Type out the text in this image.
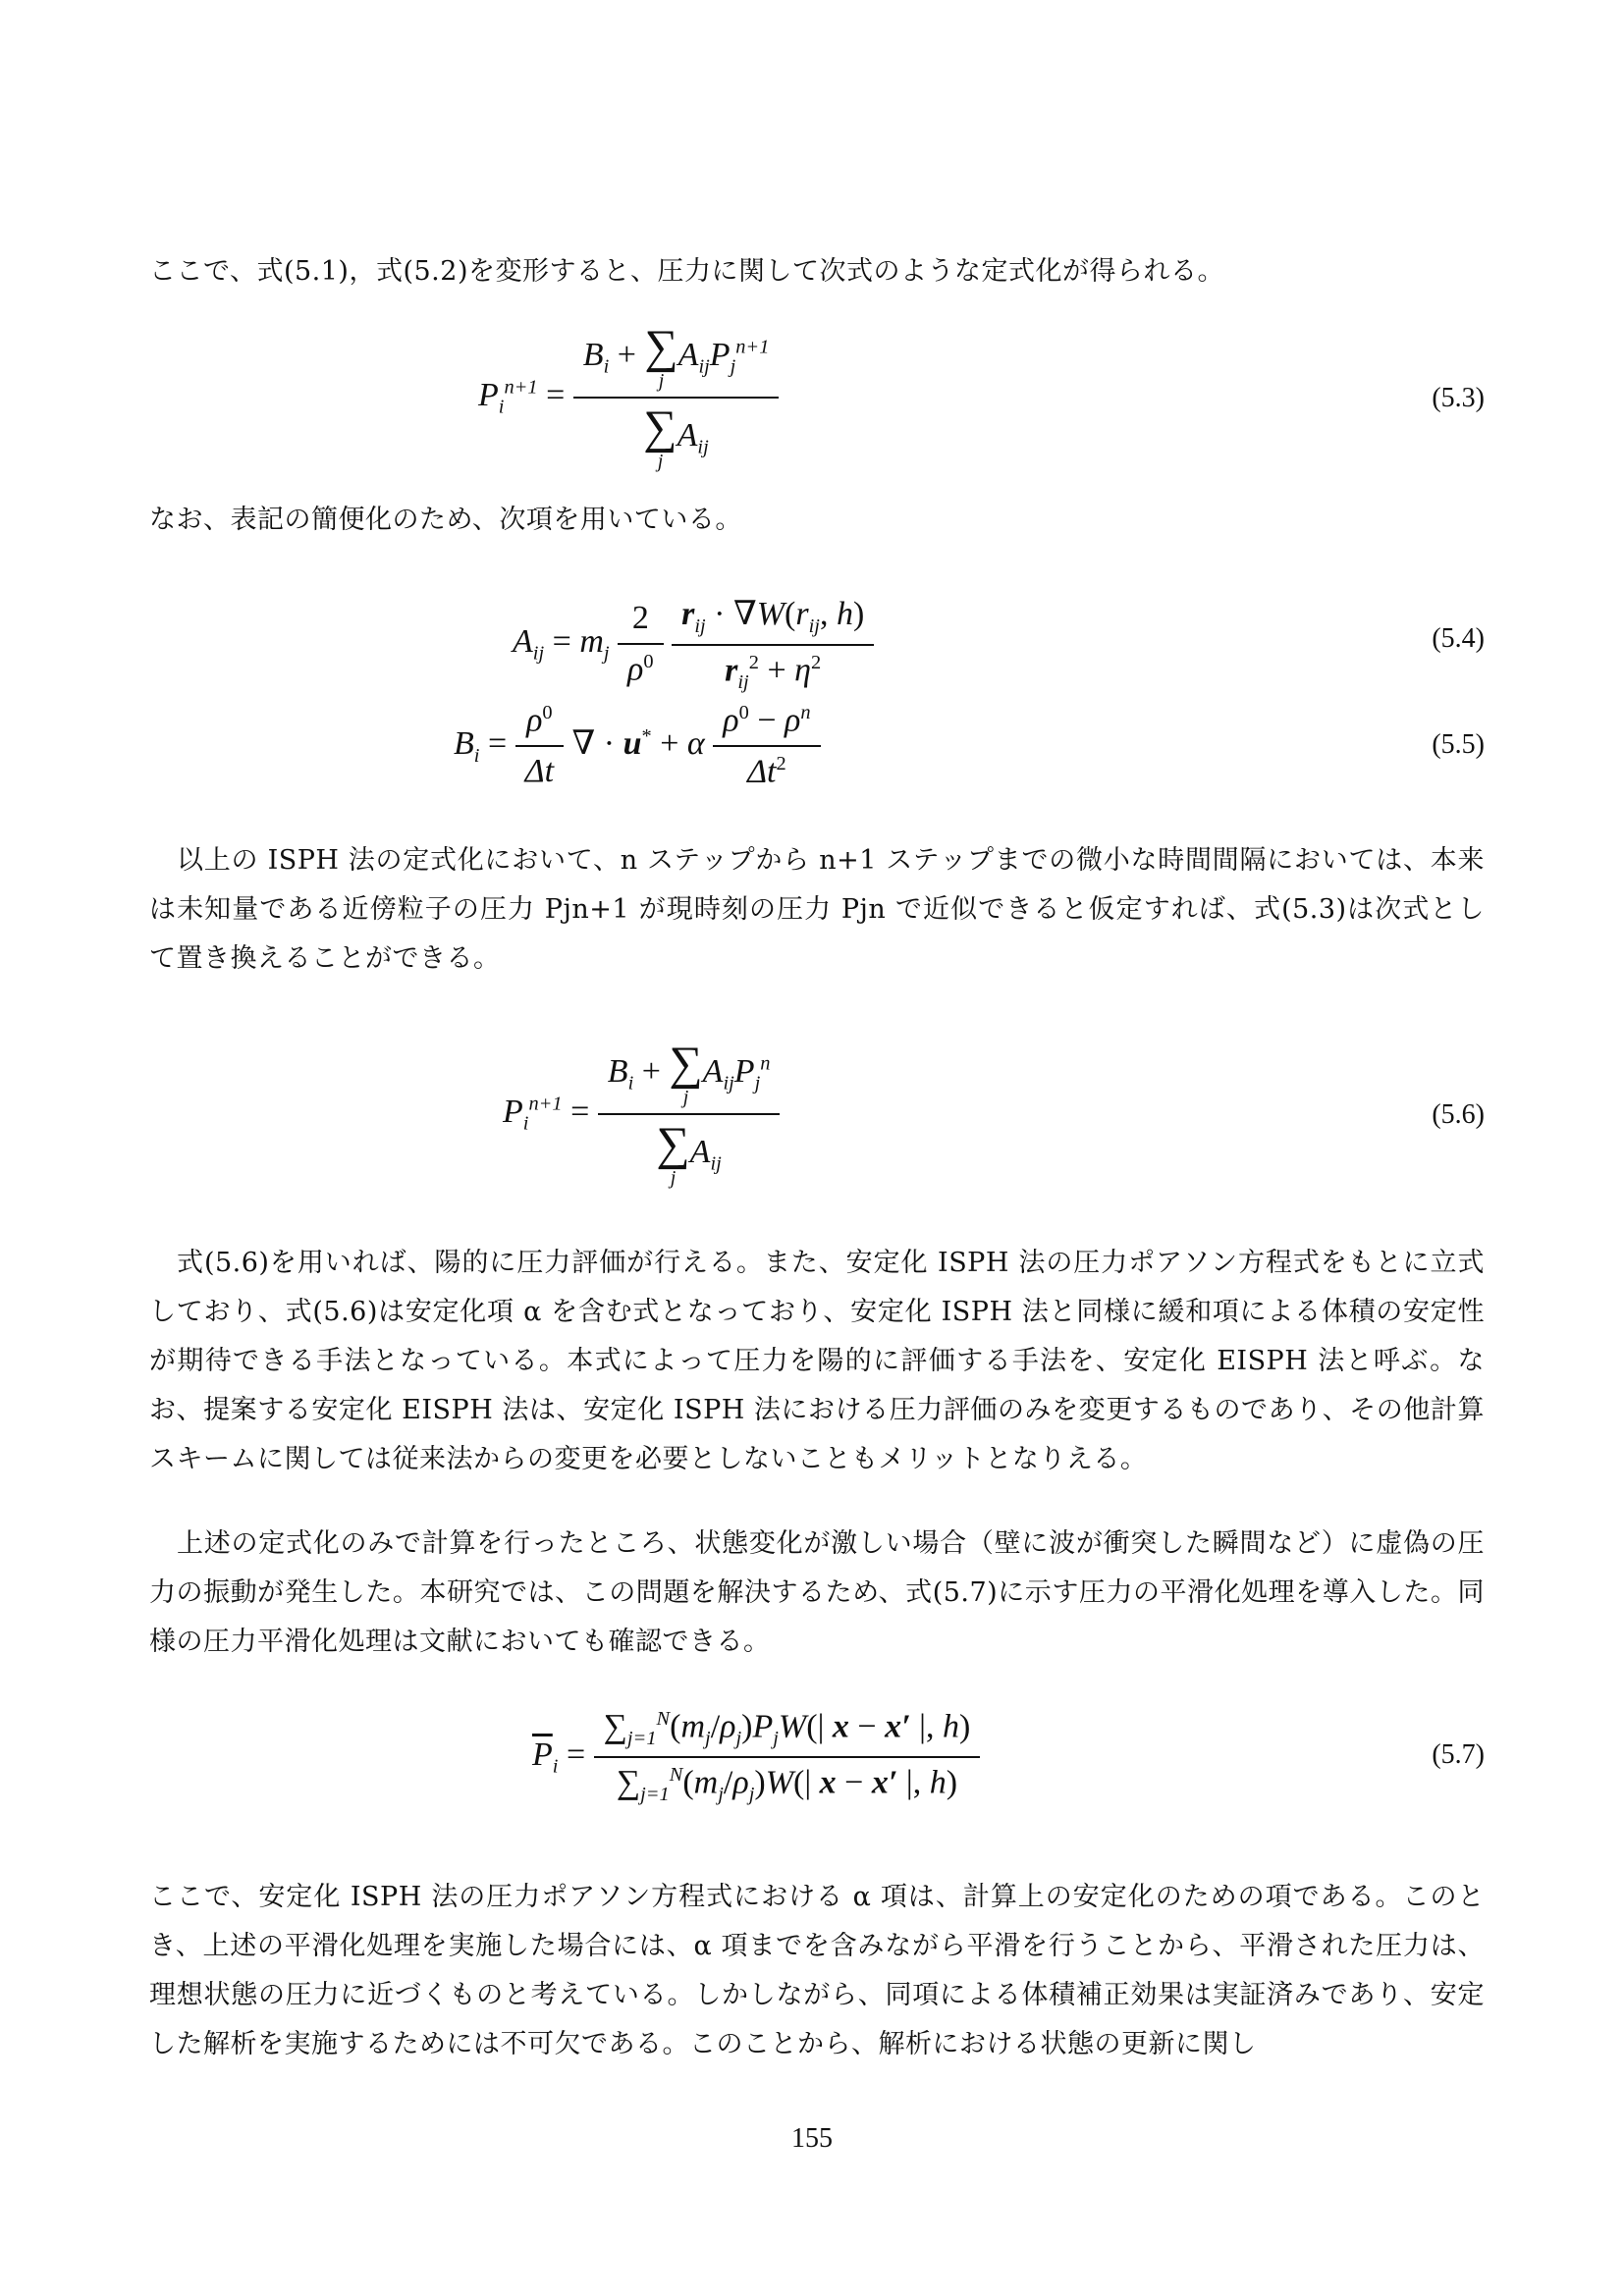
ここで、式(5.1)，式(5.2)を変形すると、圧力に関して次式のような定式化が得られる。
$P_i^{n+1} = B_i$ + ∑
j
$A_{ij}P_j^{n+1}$
∑
j
$A_{ij}$	(5.3)
なお、表記の簡便化のため、次項を用いている。
$A_{ij} = m_j \frac{2}{\rho^0}$
$\frac{r_{ij} \cdot \nabla W(r_{ij}, h)}{r_{ij}^2 + \eta^2}$	(5.4)
$B_i = \frac{\rho^0}{\Delta t}$ ∇ · u* + α $\frac{\rho^0 - \rho^n}{\Delta t^2}$	(5.5)
以上の ISPH 法の定式化において、n ステップから n+1 ステップまでの微小な時間間隔においては、本来は未知量である近傍粒子の圧力 Pjn+1 が現時刻の圧力 Pjn で近似できると仮定すれば、式(5.3)は次式として置き換えることができる。
$P_i^{n+1} = B_i$ + ∑
j
$A_{ij}P_j^n$
∑
j
$A_{ij}$	(5.6)
式(5.6)を用いれば、陽的に圧力評価が行える。また、安定化 ISPH 法の圧力ポアソン方程式をもとに立式しており、式(5.6)は安定化項 α を含む式となっており、安定化 ISPH 法と同様に緩和項による体積の安定性が期待できる手法となっている。本式によって圧力を陽的に評価する手法を、安定化 EISPH 法と呼ぶ。なお、提案する安定化 EISPH 法は、安定化 ISPH 法における圧力評価のみを変更するものであり、その他計算スキームに関しては従来法からの変更を必要としないこともメリットとなりえる。
上述の定式化のみで計算を行ったところ、状態変化が激しい場合（壁に波が衝突した瞬間など）に虚偽の圧力の振動が発生した。本研究では、この問題を解決するため、式(5.7)に示す圧力の平滑化処理を導入した。同様の圧力平滑化処理は文献においても確認できる。
$\overline{P}_i = \frac{\sum_{j=1}^N(m_j/\rho_j)P_jW(| x - x' |, h)}{\sum_{j=1}^N(m_j/\rho_j)W(| x - x' |, h)}$	(5.7)
ここで、安定化 ISPH 法の圧力ポアソン方程式における α 項は、計算上の安定化のための項である。このとき、上述の平滑化処理を実施した場合には、α 項までを含みながら平滑を行うことから、平滑された圧力は、理想状態の圧力に近づくものと考えている。しかしながら、同項による体積補正効果は実証済みであり、安定した解析を実施するためには不可欠である。このことから、解析における状態の更新に関し
155
